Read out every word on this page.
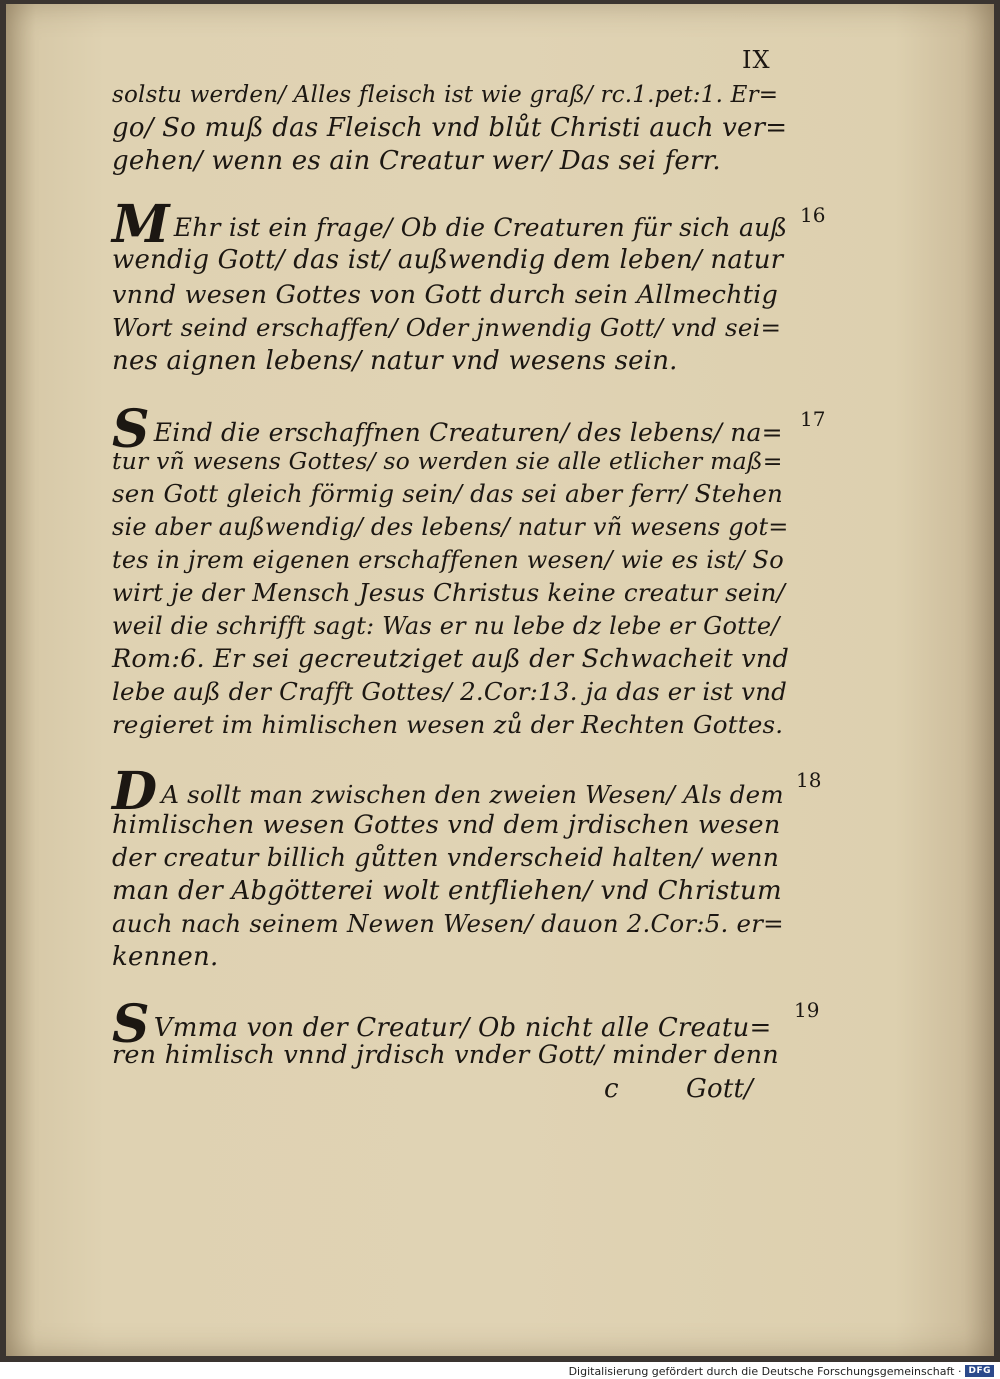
IX
solstu werden/ Alles fleisch ist wie graß/ rc.1.pet:1. Er=
go/ So muß das Fleisch vnd blůt Christi auch ver=
gehen/ wenn es ain Creatur wer/ Das sei ferr.
M Ehr ist ein frage/ Ob die Creaturen für sich auß
wendig Gott/ das ist/ außwendig dem leben/ natur
vnnd wesen Gottes von Gott durch sein Allmechtig
Wort seind erschaffen/ Oder jnwendig Gott/ vnd sei=
nes aignen lebens/ natur vnd wesens sein.
16
S Eind die erschaffnen Creaturen/ des lebens/ na=
tur vñ wesens Gottes/ so werden sie alle etlicher maß=
sen Gott gleich förmig sein/ das sei aber ferr/ Stehen
sie aber außwendig/ des lebens/ natur vñ wesens got=
tes in jrem eigenen erschaffenen wesen/ wie es ist/ So
wirt je der Mensch Jesus Christus keine creatur sein/
weil die schrifft sagt: Was er nu lebe dz lebe er Gotte/
Rom:6. Er sei gecreutziget auß der Schwacheit vnd
lebe auß der Crafft Gottes/ 2.Cor:13. ja das er ist vnd
regieret im himlischen wesen zů der Rechten Gottes.
17
D A sollt man zwischen den zweien Wesen/ Als dem
himlischen wesen Gottes vnd dem jrdischen wesen
der creatur billich gůtten vnderscheid halten/ wenn
man der Abgötterei wolt entfliehen/ vnd Christum
auch nach seinem Newen Wesen/ dauon 2.Cor:5. er=
kennen.
18
S Vmma von der Creatur/ Ob nicht alle Creatu=
ren himlisch vnnd jrdisch vnder Gott/ minder denn
19
c	Gott/
Digitalisierung gefördert durch die Deutsche Forschungsgemeinschaft · DFG
